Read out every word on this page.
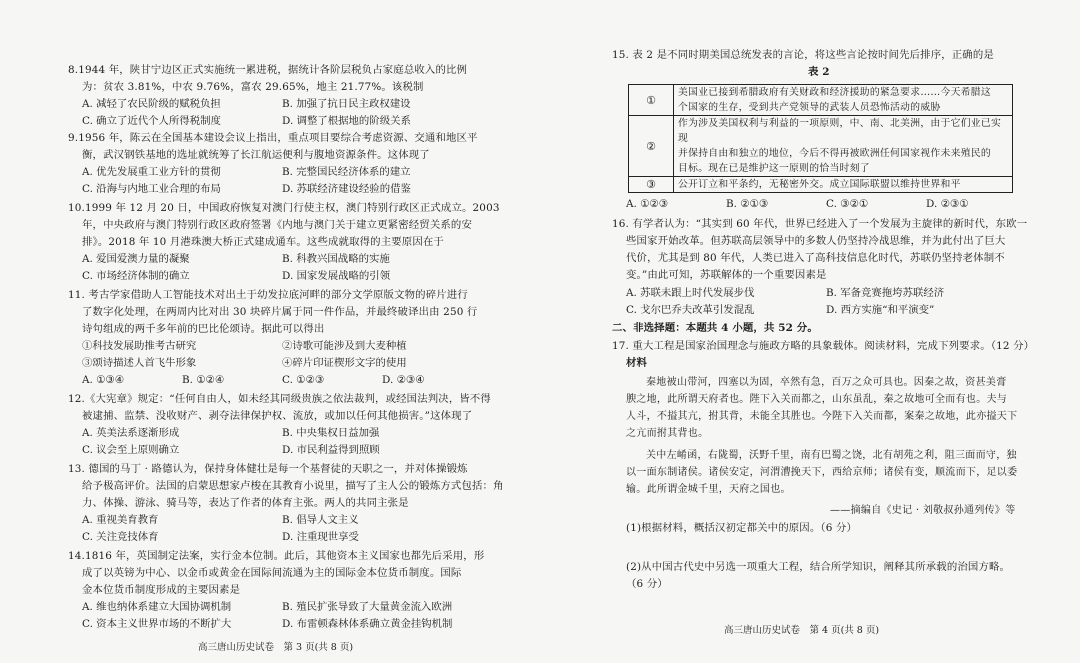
8.1944 年，陕甘宁边区正式实施统一累进税，据统计各阶层税负占家庭总收入的比例
为：贫农 3.81%，中农 9.76%，富农 29.65%，地主 21.77%。该税制
A. 减轻了农民阶级的赋税负担	B. 加强了抗日民主政权建设
C. 确立了近代个人所得税制度	D. 调整了根据地的阶级关系
9.1956 年，陈云在全国基本建设会议上指出，重点项目要综合考虑资源、交通和地区平
衡，武汉钢铁基地的选址就统筹了长江航运便利与腹地资源条件。这体现了
A. 优先发展重工业方针的贯彻	B. 完整国民经济体系的建立
C. 沿海与内地工业合理的布局	D. 苏联经济建设经验的借鉴
10.1999 年 12 月 20 日，中国政府恢复对澳门行使主权，澳门特别行政区正式成立。2003
年，中央政府与澳门特别行政区政府签署《内地与澳门关于建立更紧密经贸关系的安
排》。2018 年 10 月港珠澳大桥正式建成通车。这些成就取得的主要原因在于
A. 爱国爱澳力量的凝聚	B. 科教兴国战略的实施
C. 市场经济体制的确立	D. 国家发展战略的引领
11. 考古学家借助人工智能技术对出土于幼发拉底河畔的部分文学原版文物的碎片进行
了数字化处理，在两周内比对出 30 块碎片属于同一件作品，并最终破译出由 250 行
诗句组成的两千多年前的巴比伦颂诗。据此可以得出
①科技发展助推考古研究	②诗歌可能涉及到大麦种植
③颂诗描述人首飞牛形象	④碎片印证楔形文字的使用
A. ①③④	B. ①②④	C. ①②③	D. ②③④
12.《大宪章》规定：“任何自由人，如未经其同级贵族之依法裁判，或经国法判决，皆不得
被逮捕、监禁、没收财产、剥夺法律保护权、流放，或加以任何其他损害。”这体现了
A. 英美法系逐渐形成	B. 中央集权日益加强
C. 议会至上原则确立	D. 市民利益得到照顾
13. 德国的马丁 · 路德认为，保持身体健壮是每一个基督徒的天职之一，并对体操锻炼
给予极高评价。法国的启蒙思想家卢梭在其教育小说里，描写了主人公的锻炼方式包括：角
力、体操、游泳、骑马等，表达了作者的体育主张。两人的共同主张是
A. 重视美育教育	B. 倡导人文主义
C. 关注竞技体育	D. 注重现世享受
14.1816 年，英国制定法案，实行金本位制。此后，其他资本主义国家也都先后采用，形
成了以英镑为中心、以金币或黄金在国际间流通为主的国际金本位货币制度。国际
金本位货币制度形成的主要因素是
A. 维也纳体系建立大国协调机制	B. 殖民扩张导致了大量黄金流入欧洲
C. 资本主义世界市场的不断扩大	D. 布雷顿森林体系确立黄金挂钩机制
高三唐山历史试卷　第 3 页(共 8 页)
15. 表 2 是不同时期美国总统发表的言论，将这些言论按时间先后排序，正确的是
表 2
①	美国业已接到希腊政府有关财政和经济援助的紧急要求……今天希腊这
个国家的生存，受到共产党领导的武装人员恐怖活动的威胁

②	作为涉及美国权利与利益的一项原则，中、南、北美洲，由于它们业已实现
并保持自由和独立的地位，今后不得再被欧洲任何国家视作未来殖民的
目标。现在已是维护这一原则的恰当时刻了

③	公开订立和平条约，无秘密外交。成立国际联盟以维持世界和平
A. ①②③	B. ②①③	C. ③②①	D. ②③①
16. 有学者认为：“其实到 60 年代，世界已经进入了一个发展为主旋律的新时代，东欧一
些国家开始改革。但苏联高层领导中的多数人仍坚持冷战思维，并为此付出了巨大
代价，尤其是到 80 年代，人类已进入了高科技信息化时代，苏联仍坚持老体制不
变。”由此可知，苏联解体的一个重要因素是
A. 苏联未跟上时代发展步伐	B. 军备竞赛拖垮苏联经济
C. 戈尔巴乔夫改革引发混乱	D. 西方实施“和平演变”
二、非选择题：本题共 4 小题，共 52 分。
17. 重大工程是国家治国理念与施政方略的具象载体。阅读材料，完成下列要求。（12 分）
材料
秦地被山带河，四塞以为固，卒然有急，百万之众可具也。因秦之故，资甚美膏
腴之地，此所谓天府者也。陛下入关而都之，山东虽乱，秦之故地可全而有也。夫与
人斗，不搤其亢，拊其背，未能全其胜也。今陛下入关而都，案秦之故地，此亦搤天下
之亢而拊其背也。
关中左崤函，右陇蜀，沃野千里，南有巴蜀之饶，北有胡苑之利，阻三面而守，独
以一面东制诸侯。诸侯安定，河渭漕挽天下，西给京师；诸侯有变，顺流而下，足以委
输。此所谓金城千里，天府之国也。
——摘编自《史记 · 刘敬叔孙通列传》等
(1)根据材料，概括汉初定都关中的原因。（6 分）
(2)从中国古代史中另选一项重大工程，结合所学知识，阐释其所承载的治国方略。
（6 分）
高三唐山历史试卷　第 4 页(共 8 页)
